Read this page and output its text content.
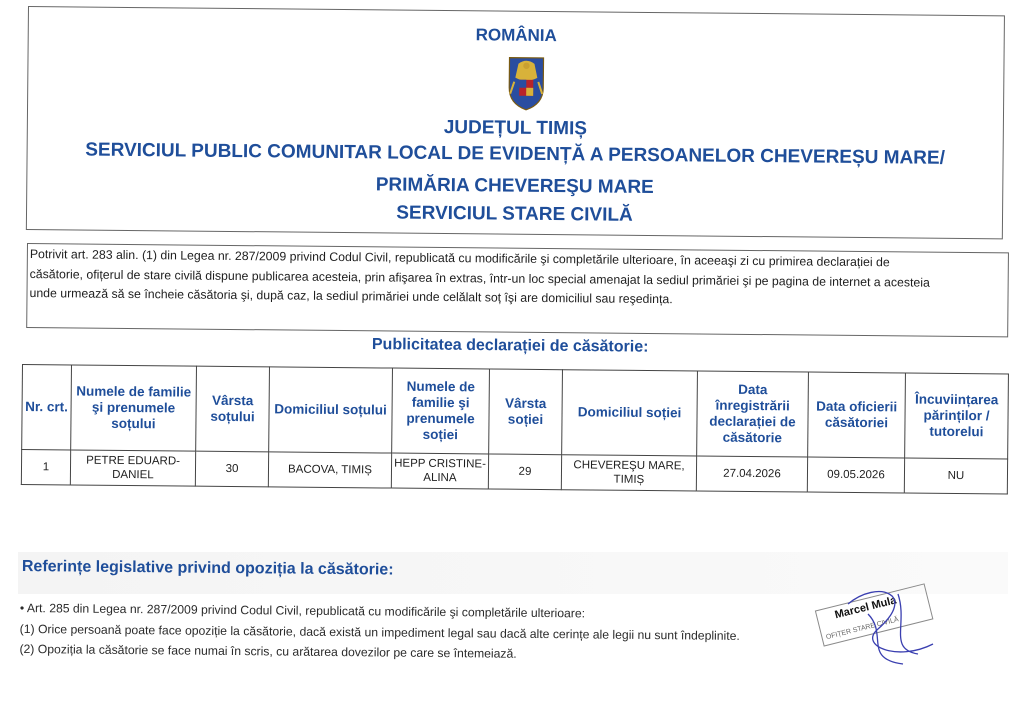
ROMÂNIA
JUDEȚUL TIMIȘ
SERVICIUL PUBLIC COMUNITAR LOCAL DE EVIDENȚĂ A PERSOANELOR CHEVEREȘU MARE/
PRIMĂRIA CHEVEREŞU MARE
SERVICIUL STARE CIVILĂ
Potrivit art. 283 alin. (1) din Legea nr. 287/2009 privind Codul Civil, republicată cu modificările şi completările ulterioare, în aceeaşi zi cu primirea declarației de
căsătorie, ofițerul de stare civilă dispune publicarea acesteia, prin afişarea în extras, într-un loc special amenajat la sediul primăriei şi pe pagina de internet a acesteia
unde urmează să se încheie căsătoria şi, după caz, la sediul primăriei unde celălalt soț îşi are domiciliul sau reşedința.
Publicitatea declarației de căsătorie:
Nr. crt.	Numele de familie şi prenumele soțului	Vârsta soțului	Domiciliul soțului	Numele de familie şi prenumele soției	Vârsta soției	Domiciliul soției	Data înregistrării declarației de căsătorie	Data oficierii căsătoriei	Încuviințarea părinților / tutorelui
1	PETRE EDUARD-DANIEL	30	BACOVA, TIMIȘ	HEPP CRISTINE-ALINA	29	CHEVEREŞU MARE, TIMIȘ	27.04.2026	09.05.2026	NU
Referințe legislative privind opoziția la căsătorie:
• Art. 285 din Legea nr. 287/2009 privind Codul Civil, republicată cu modificările şi completările ulterioare:
(1) Orice persoană poate face opoziție la căsătorie, dacă există un impediment legal sau dacă alte cerințe ale legii nu sunt îndeplinite.
(2) Opoziția la căsătorie se face numai în scris, cu arătarea dovezilor pe care se întemeiază.
Marcel Mula
OFIȚER STARE CIVILĂ
